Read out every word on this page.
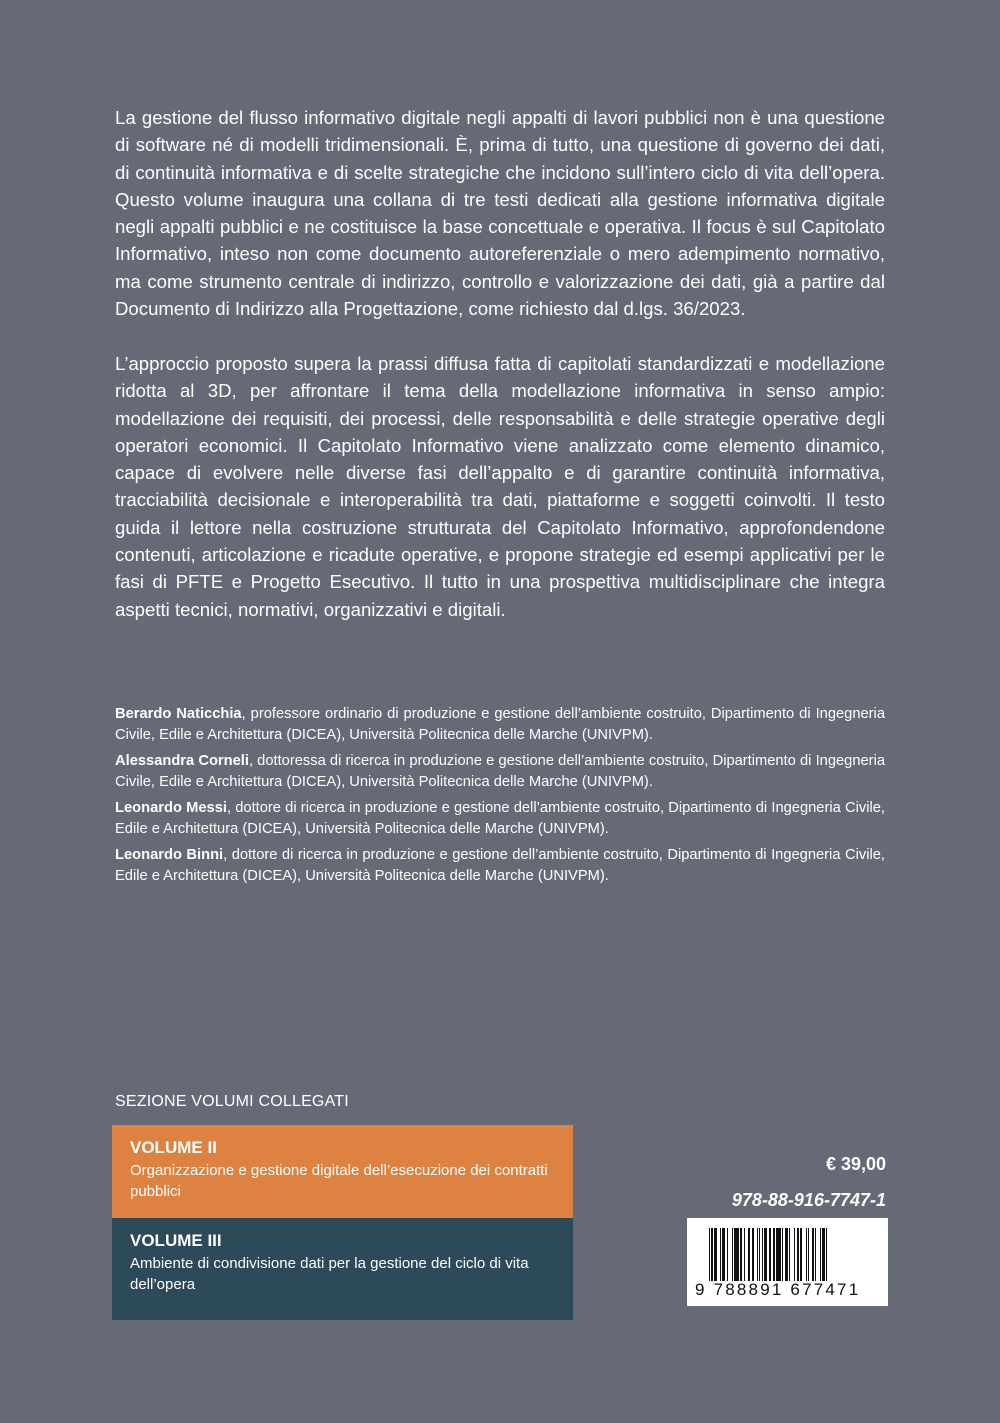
La gestione del flusso informativo digitale negli appalti di lavori pubblici non è una questione di software né di modelli tridimensionali. È, prima di tutto, una questione di governo dei dati, di continuità informativa e di scelte strategiche che incidono sull’intero ciclo di vita dell’opera. Questo volume inaugura una collana di tre testi dedicati alla gestione informativa digitale negli appalti pubblici e ne costituisce la base concettuale e operativa. Il focus è sul Capitolato Informativo, inteso non come documento autoreferenziale o mero adempimento normativo, ma come strumento centrale di indirizzo, controllo e valorizzazione dei dati, già a partire dal Documento di Indirizzo alla Progettazione, come richiesto dal d.lgs. 36/2023.

L’approccio proposto supera la prassi diffusa fatta di capitolati standardizzati e modellazione ridotta al 3D, per affrontare il tema della modellazione informativa in senso ampio: modellazione dei requisiti, dei processi, delle responsabilità e delle strategie operative degli operatori economici. Il Capitolato Informativo viene analizzato come elemento dinamico, capace di evolvere nelle diverse fasi dell’appalto e di garantire continuità informativa, tracciabilità decisionale e interoperabilità tra dati, piattaforme e soggetti coinvolti. Il testo guida il lettore nella costruzione strutturata del Capitolato Informativo, approfondendone contenuti, articolazione e ricadute operative, e propone strategie ed esempi applicativi per le fasi di PFTE e Progetto Esecutivo. Il tutto in una prospettiva multidisciplinare che integra aspetti tecnici, normativi, organizzativi e digitali.

Berardo Naticchia, professore ordinario di produzione e gestione dell’ambiente costruito, Dipartimento di Ingegneria Civile, Edile e Architettura (DICEA), Università Politecnica delle Marche (UNIVPM).

Alessandra Corneli, dottoressa di ricerca in produzione e gestione dell’ambiente costruito, Dipartimento di Ingegneria Civile, Edile e Architettura (DICEA), Università Politecnica delle Marche (UNIVPM).

Leonardo Messi, dottore di ricerca in produzione e gestione dell’ambiente costruito, Dipartimento di Ingegneria Civile, Edile e Architettura (DICEA), Università Politecnica delle Marche (UNIVPM).

Leonardo Binni, dottore di ricerca in produzione e gestione dell’ambiente costruito, Dipartimento di Ingegneria Civile, Edile e Architettura (DICEA), Università Politecnica delle Marche (UNIVPM).

SEZIONE VOLUMI COLLEGATI
VOLUME II
Organizzazione e gestione digitale dell’esecuzione dei contratti pubblici
VOLUME III
Ambiente di condivisione dati per la gestione del ciclo di vita dell’opera
€ 39,00
978-88-916-7747-1
9 788891 677471
